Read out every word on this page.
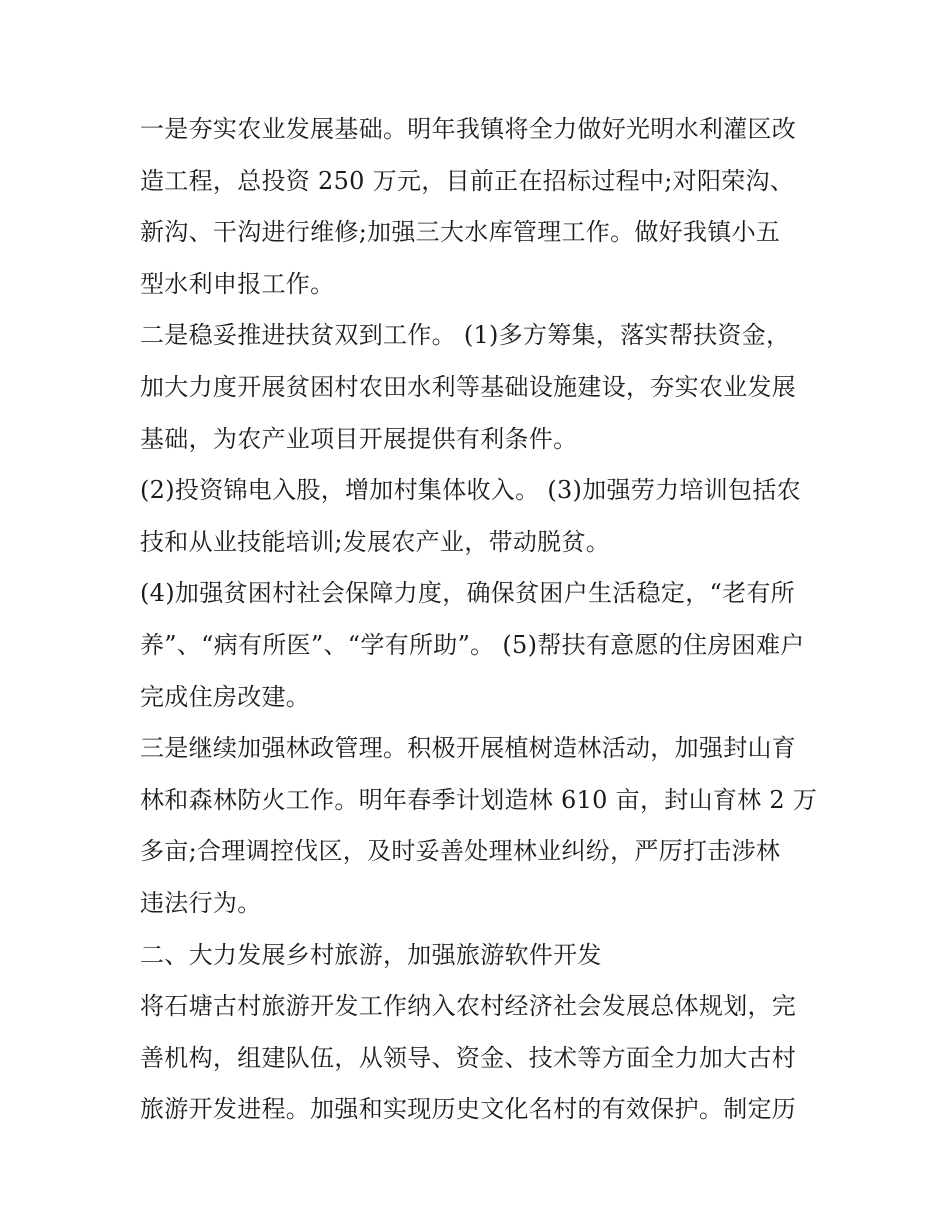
一是夯实农业发展基础。明年我镇将全力做好光明水利灌区改
造工程，总投资 250 万元，目前正在招标过程中;对阳荣沟、
新沟、干沟进行维修;加强三大水库管理工作。做好我镇小五
型水利申报工作。
二是稳妥推进扶贫双到工作。 (1)多方筹集，落实帮扶资金，
加大力度开展贫困村农田水利等基础设施建设，夯实农业发展
基础，为农产业项目开展提供有利条件。
(2)投资锦电入股，增加村集体收入。 (3)加强劳力培训包括农
技和从业技能培训;发展农产业，带动脱贫。
(4)加强贫困村社会保障力度，确保贫困户生活稳定，“老有所
养”、“病有所医”、“学有所助”。 (5)帮扶有意愿的住房困难户
完成住房改建。
三是继续加强林政管理。积极开展植树造林活动，加强封山育
林和森林防火工作。明年春季计划造林 610 亩，封山育林 2 万
多亩;合理调控伐区，及时妥善处理林业纠纷，严厉打击涉林
违法行为。
二、大力发展乡村旅游，加强旅游软件开发
将石塘古村旅游开发工作纳入农村经济社会发展总体规划，完
善机构，组建队伍，从领导、资金、技术等方面全力加大古村
旅游开发进程。加强和实现历史文化名村的有效保护。制定历
